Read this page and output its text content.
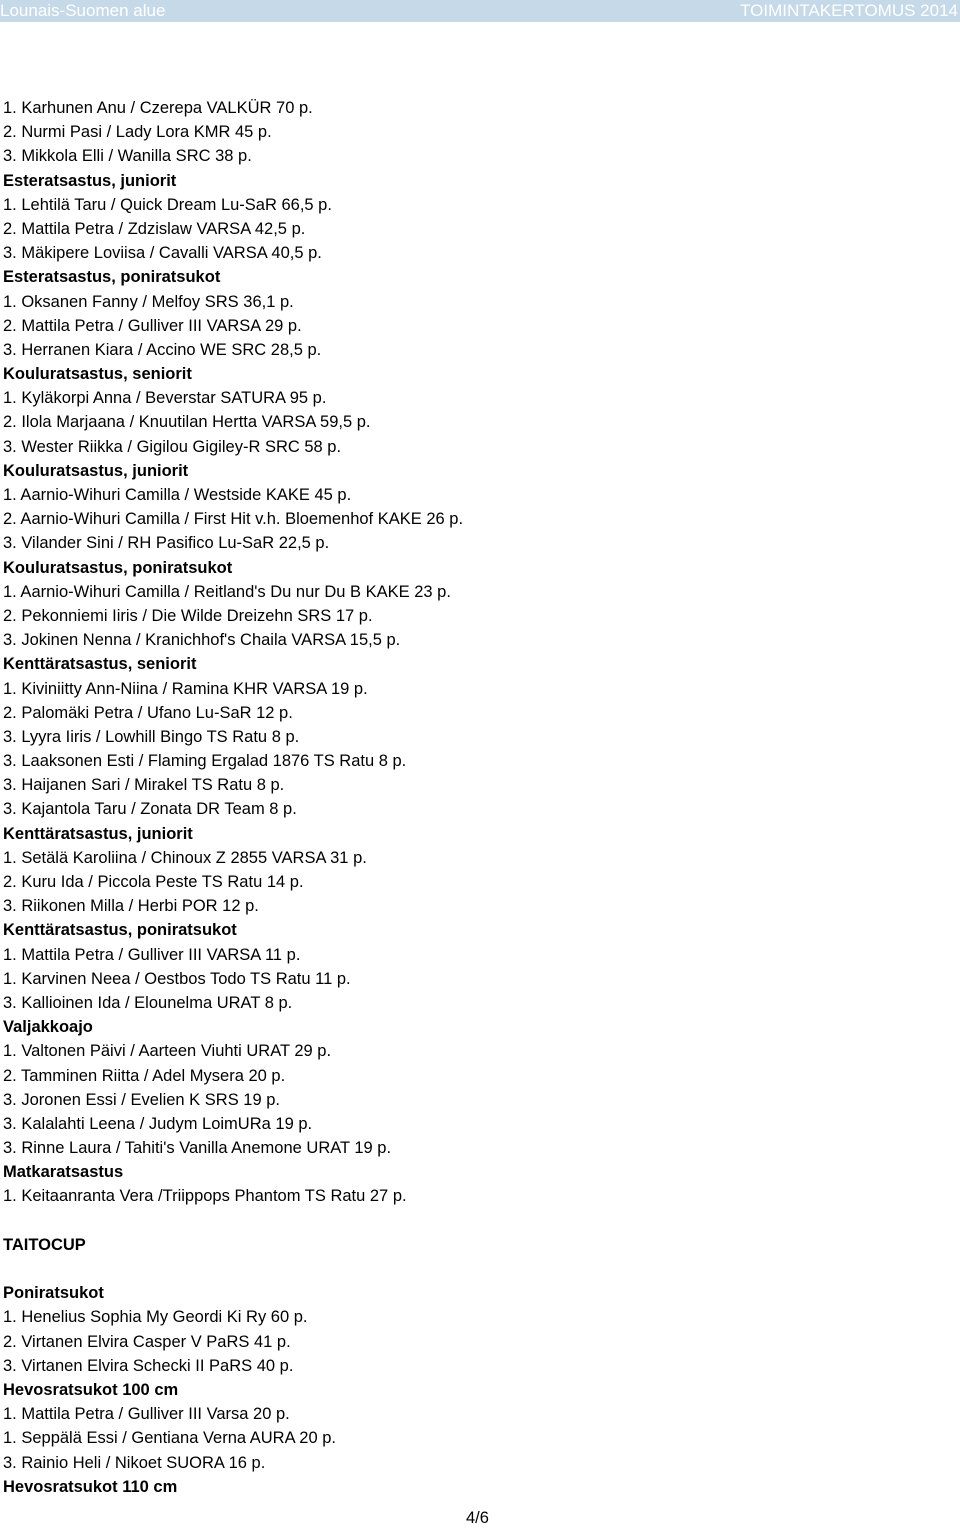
Lounais-Suomen alue	TOIMINTAKERTOMUS 2014
1. Karhunen Anu / Czerepa VALKÜR 70 p.
2. Nurmi Pasi / Lady Lora KMR 45 p.
3. Mikkola Elli / Wanilla SRC 38 p.
Esteratsastus, juniorit
1. Lehtilä Taru / Quick Dream Lu-SaR 66,5 p.
2. Mattila Petra / Zdzislaw VARSA 42,5 p.
3. Mäkipere Loviisa / Cavalli VARSA 40,5 p.
Esteratsastus, poniratsukot
1. Oksanen Fanny / Melfoy SRS 36,1 p.
2. Mattila Petra / Gulliver III VARSA 29 p.
3. Herranen Kiara / Accino WE SRC 28,5 p.
Kouluratsastus, seniorit
1. Kyläkorpi Anna / Beverstar SATURA 95 p.
2. Ilola Marjaana / Knuutilan Hertta VARSA 59,5 p.
3. Wester Riikka / Gigilou Gigiley-R SRC 58 p.
Kouluratsastus, juniorit
1. Aarnio-Wihuri Camilla / Westside KAKE 45 p.
2. Aarnio-Wihuri Camilla / First Hit v.h. Bloemenhof KAKE 26 p.
3. Vilander Sini / RH Pasifico Lu-SaR 22,5 p.
Kouluratsastus, poniratsukot
1. Aarnio-Wihuri Camilla / Reitland's Du nur Du B KAKE 23 p.
2. Pekonniemi Iiris / Die Wilde Dreizehn SRS 17 p.
3. Jokinen Nenna / Kranichhof's Chaila VARSA 15,5 p.
Kenttäratsastus, seniorit
1. Kiviniitty Ann-Niina / Ramina KHR VARSA 19 p.
2. Palomäki Petra / Ufano Lu-SaR 12 p.
3. Lyyra Iiris / Lowhill Bingo TS Ratu 8 p.
3. Laaksonen Esti / Flaming Ergalad 1876 TS Ratu 8 p.
3. Haijanen Sari / Mirakel TS Ratu 8 p.
3. Kajantola Taru / Zonata DR Team 8 p.
Kenttäratsastus, juniorit
1. Setälä Karoliina / Chinoux Z 2855 VARSA 31 p.
2. Kuru Ida / Piccola Peste TS Ratu 14 p.
3. Riikonen Milla / Herbi POR 12 p.
Kenttäratsastus, poniratsukot
1. Mattila Petra / Gulliver III VARSA 11 p.
1. Karvinen Neea / Oestbos Todo TS Ratu 11 p.
3. Kallioinen Ida / Elounelma URAT 8 p.
Valjakkoajo
1. Valtonen Päivi / Aarteen Viuhti URAT 29 p.
2. Tamminen Riitta / Adel Mysera 20 p.
3. Joronen Essi / Evelien K SRS 19 p.
3. Kalalahti Leena / Judym LoimURa 19 p.
3. Rinne Laura / Tahiti's Vanilla Anemone URAT 19 p.
Matkaratsastus
1. Keitaanranta Vera /Triippops Phantom TS Ratu 27 p.
TAITOCUP
Poniratsukot
1. Henelius Sophia My Geordi Ki Ry 60 p.
2. Virtanen Elvira Casper V PaRS 41 p.
3. Virtanen Elvira Schecki II PaRS 40 p.
Hevosratsukot 100 cm
1. Mattila Petra / Gulliver III Varsa 20 p.
1. Seppälä Essi / Gentiana Verna AURA 20 p.
3. Rainio Heli / Nikoet SUORA 16 p.
Hevosratsukot 110 cm
4/6
